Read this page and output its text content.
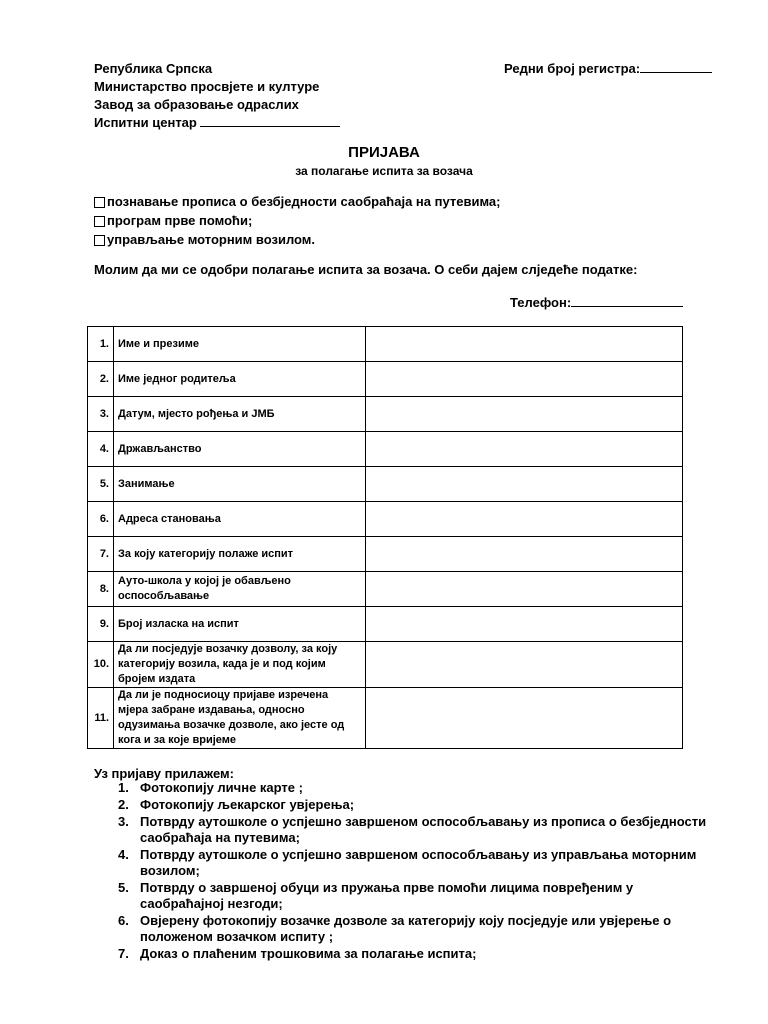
Република Српска
Министарство просвјете и културе
Завод за образовање одраслих
Испитни центар
Редни број регистра:
ПРИЈАВА
за полагање испита за возача
познавање прописа о безбједности саобраћаја на путевима;
програм прве помоћи;
управљање моторним возилом.
Молим да ми се одобри полагање испита за возача. О себи дајем слједеће податке:
Телефон:
1.	Име и презиме	
2.	Име једног родитеља	
3.	Датум, мјесто рођења и ЈМБ	
4.	Држављанство	
5.	Занимање	
6.	Адреса становања	
7.	За коју категорију полаже испит	
8.	Ауто-школа у којој је обављено оспособљавање	
9.	Број изласка на испит	
10.	Да ли посједује возачку дозволу, за коју категорију возила, када је и под којим бројем издата	
11.	Да ли је подносиоцу пријаве изречена мјера забране издавања, односно одузимања возачке дозволе, ако јесте од кога и за које вријеме	
Уз пријаву прилажем:
1. Фотокопију личне карте ;
2. Фотокопију љекарског увјерења;
3. Потврду аутошколе о успјешно завршеном оспособљавању из прописа о безбједности саобраћаја на путевима;
4. Потврду аутошколе о успјешно завршеном оспособљавању из управљања моторним возилом;
5. Потврду о завршеној обуци из пружања прве помоћи лицима повређеним у саобраћајној незгоди;
6. Овјерену фотокопију возачке дозволе за категорију коју посједује или увјерење о положеном возачком испиту ;
7. Доказ о плаћеним трошковима за полагање испита;
